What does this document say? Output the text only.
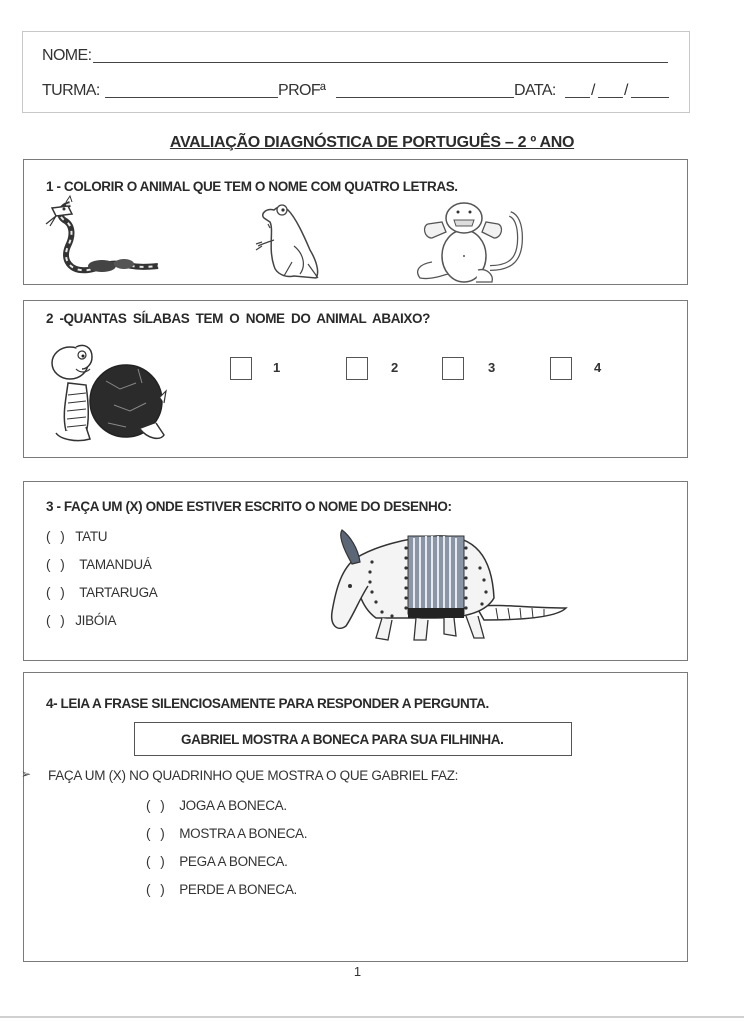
NOME:
TURMA:	PROFª	DATA: / /
AVALIAÇÃO DIAGNÓSTICA DE PORTUGUÊS – 2 º ANO
1 - COLORIR O ANIMAL QUE TEM O NOME COM QUATRO LETRAS.
2 -QUANTAS SÍLABAS TEM O NOME DO ANIMAL ABAIXO?
1	2	3	4
3 - FAÇA UM (X) ONDE ESTIVER ESCRITO O NOME DO DESENHO:
( ) TATU
( ) TAMANDUÁ
( ) TARTARUGA
( ) JIBÓIA
4- LEIA A FRASE SILENCIOSAMENTE PARA RESPONDER A PERGUNTA.
GABRIEL MOSTRA A BONECA PARA SUA FILHINHA.
➢ FAÇA UM (X) NO QUADRINHO QUE MOSTRA O QUE GABRIEL FAZ:
( ) JOGA A BONECA.
( ) MOSTRA A BONECA.
( ) PEGA A BONECA.
( ) PERDE A BONECA.
1
